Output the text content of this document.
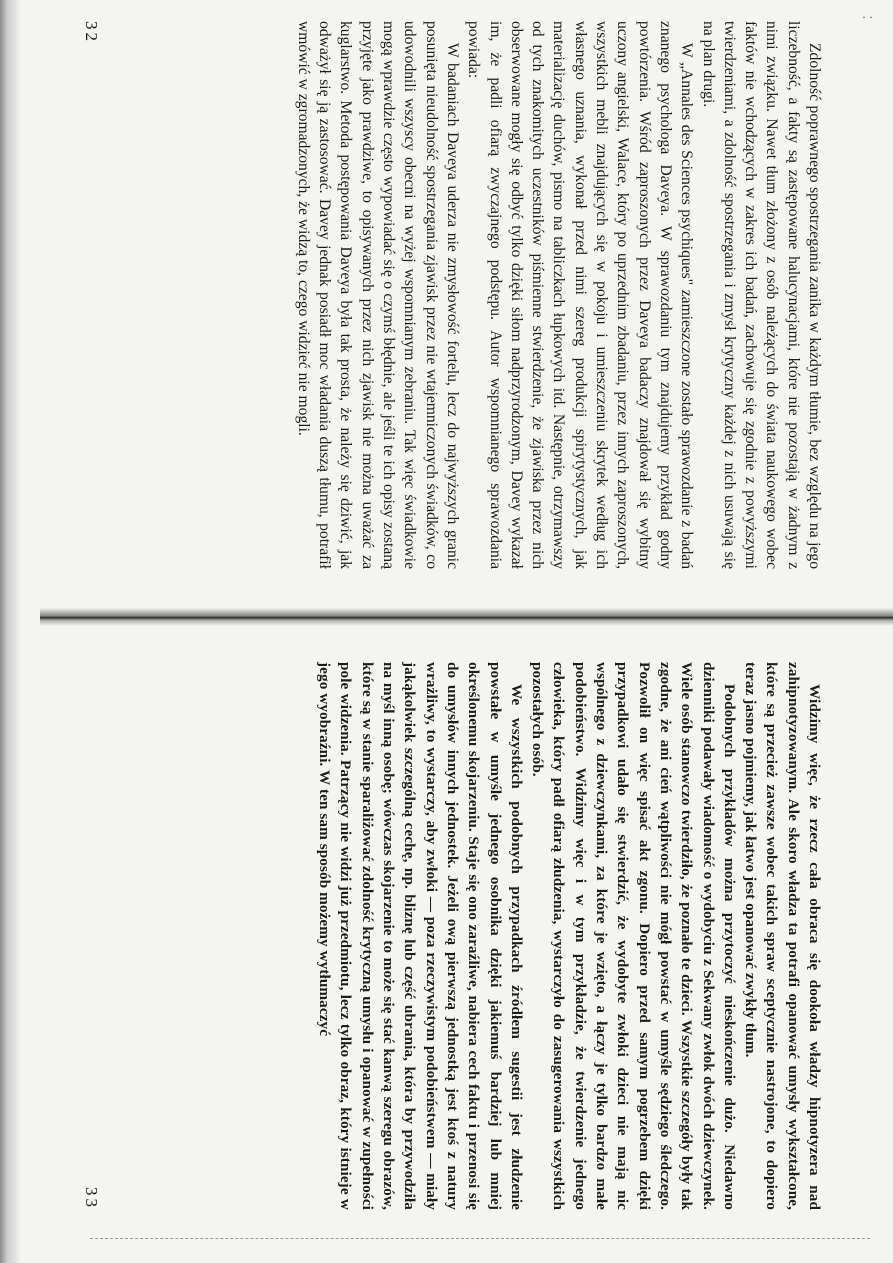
· ·

Zdolność poprawnego spostrzegania zanika w każdym tłumie, bez względu na jego liczebność, a fakty są zastępowane halucynacjami, które nie pozostają w żadnym z nimi związku. Nawet tłum złożony z osób należących do świata naukowego wobec faktów nie wchodzących w zakres ich badań, zachowuje się zgodnie z powyższymi twierdzeniami, a zdolność spostrzegania i zmysł krytyczny każdej z nich usuwają się na plan drugi.

W „Annales des Sciences psychiques" zamieszczone zostało sprawozdanie z badań znanego psychologa Daveya. W sprawozdaniu tym znajdujemy przykład godny powtórzenia. Wśród zaproszonych przez Daveya badaczy znajdował się wybitny uczony angielski, Walace, który po uprzednim zbadaniu, przez innych zaproszonych, wszystkich mebli znajdujących się w pokoju i umieszczeniu skrytek według ich własnego uznania, wykonał przed nimi szereg produkcji spirytystycznych, jak materializację duchów, pismo na tabliczkach łupkowych itd. Następnie, otrzymawszy od tych znakomitych uczestników piśmienne stwierdzenie, że zjawiska przez nich obserwowane mogły się odbyć tylko dzięki siłom nadprzyrodzonym, Davey wykazał im, że padli ofiarą zwyczajnego podstępu. Autor wspomnianego sprawozdania powiada:

W badaniach Daveya uderza nie zmysłowość fortelu, lecz do najwyższych granic posunięta nieudolność spostrzegania zjawisk przez nie wtajemniczonych świadków, co udowodnili wszyscy obecni na wyżej wspomnianym zebraniu. Tak więc świadkowie mogą wprawdzie często wypowiadać się o czymś błędnie, ale jeśli te ich opisy zostaną przyjęte jako prawdziwe, to opisywanych przez nich zjawisk nie można uważać za kuglarstwo. Metoda postępowania Daveya była tak prosta, że należy się dziwić, jak odważył się ją zastosować. Davey jednak posiadł moc władania duszą tłumu, potrafił wmówić w zgromadzonych, że widzą to, czego widzieć nie mogli.

32

Widzimy więc, że rzecz cała obraca się dookoła władzy hipnotyzera nad zahipnotyzowanym. Ale skoro władza ta potrafi opanować umysły wykształcone, które są przecież zawsze wobec takich spraw sceptycznie nastrojone, to dopiero teraz jasno pojmiemy, jak łatwo jest opanować zwykły tłum.

Podobnych przykładów można przytoczyć nieskończenie dużo. Niedawno dzienniki podawały wiadomość o wydobyciu z Sekwany zwłok dwóch dziewczynek. Wiele osób stanowczo twierdziło, że poznało te dzieci. Wszystkie szczegóły były tak zgodne, że ani cień wątpliwości nie mógł powstać w umyśle sędziego śledczego. Pozwolił on więc spisać akt zgonu. Dopiero przed samym pogrzebem dzięki przypadkowi udało się stwierdzić, że wydobyte zwłoki dzieci nie mają nic wspólnego z dziewczynkami, za które je wzięto, a łączy je tylko bardzo małe podobieństwo. Widzimy więc i w tym przykładzie, że twierdzenie jednego człowieka, który padł ofiarą złudzenia, wystarczyło do zasugerowania wszystkich pozostałych osób.

We wszystkich podobnych przypadkach źródłem sugestii jest złudzenie powstałe w umyśle jednego osobnika dzięki jakiemuś bardziej lub mniej określonemu skojarzeniu. Staje się ono zaraźliwe, nabiera cech faktu i przenosi się do umysłów innych jednostek. Jeżeli ową pierwszą jednostką jest ktoś z natury wrażliwy, to wystarczy, aby zwłoki — poza rzeczywistym podobieństwem — miały jakąkolwiek szczególną cechę, np. bliznę lub część ubrania, która by przywodziła na myśl inną osobę; wówczas skojarzenie to może się stać kanwą szeregu obrazów, które są w stanie sparaliżować zdolność krytyczną umysłu i opanować w zupełności pole widzenia. Patrzący nie widzi już przedmiotu, lecz tylko obraz, który istnieje w jego wyobraźni. W ten sam sposób możemy wytłumaczyć

33
